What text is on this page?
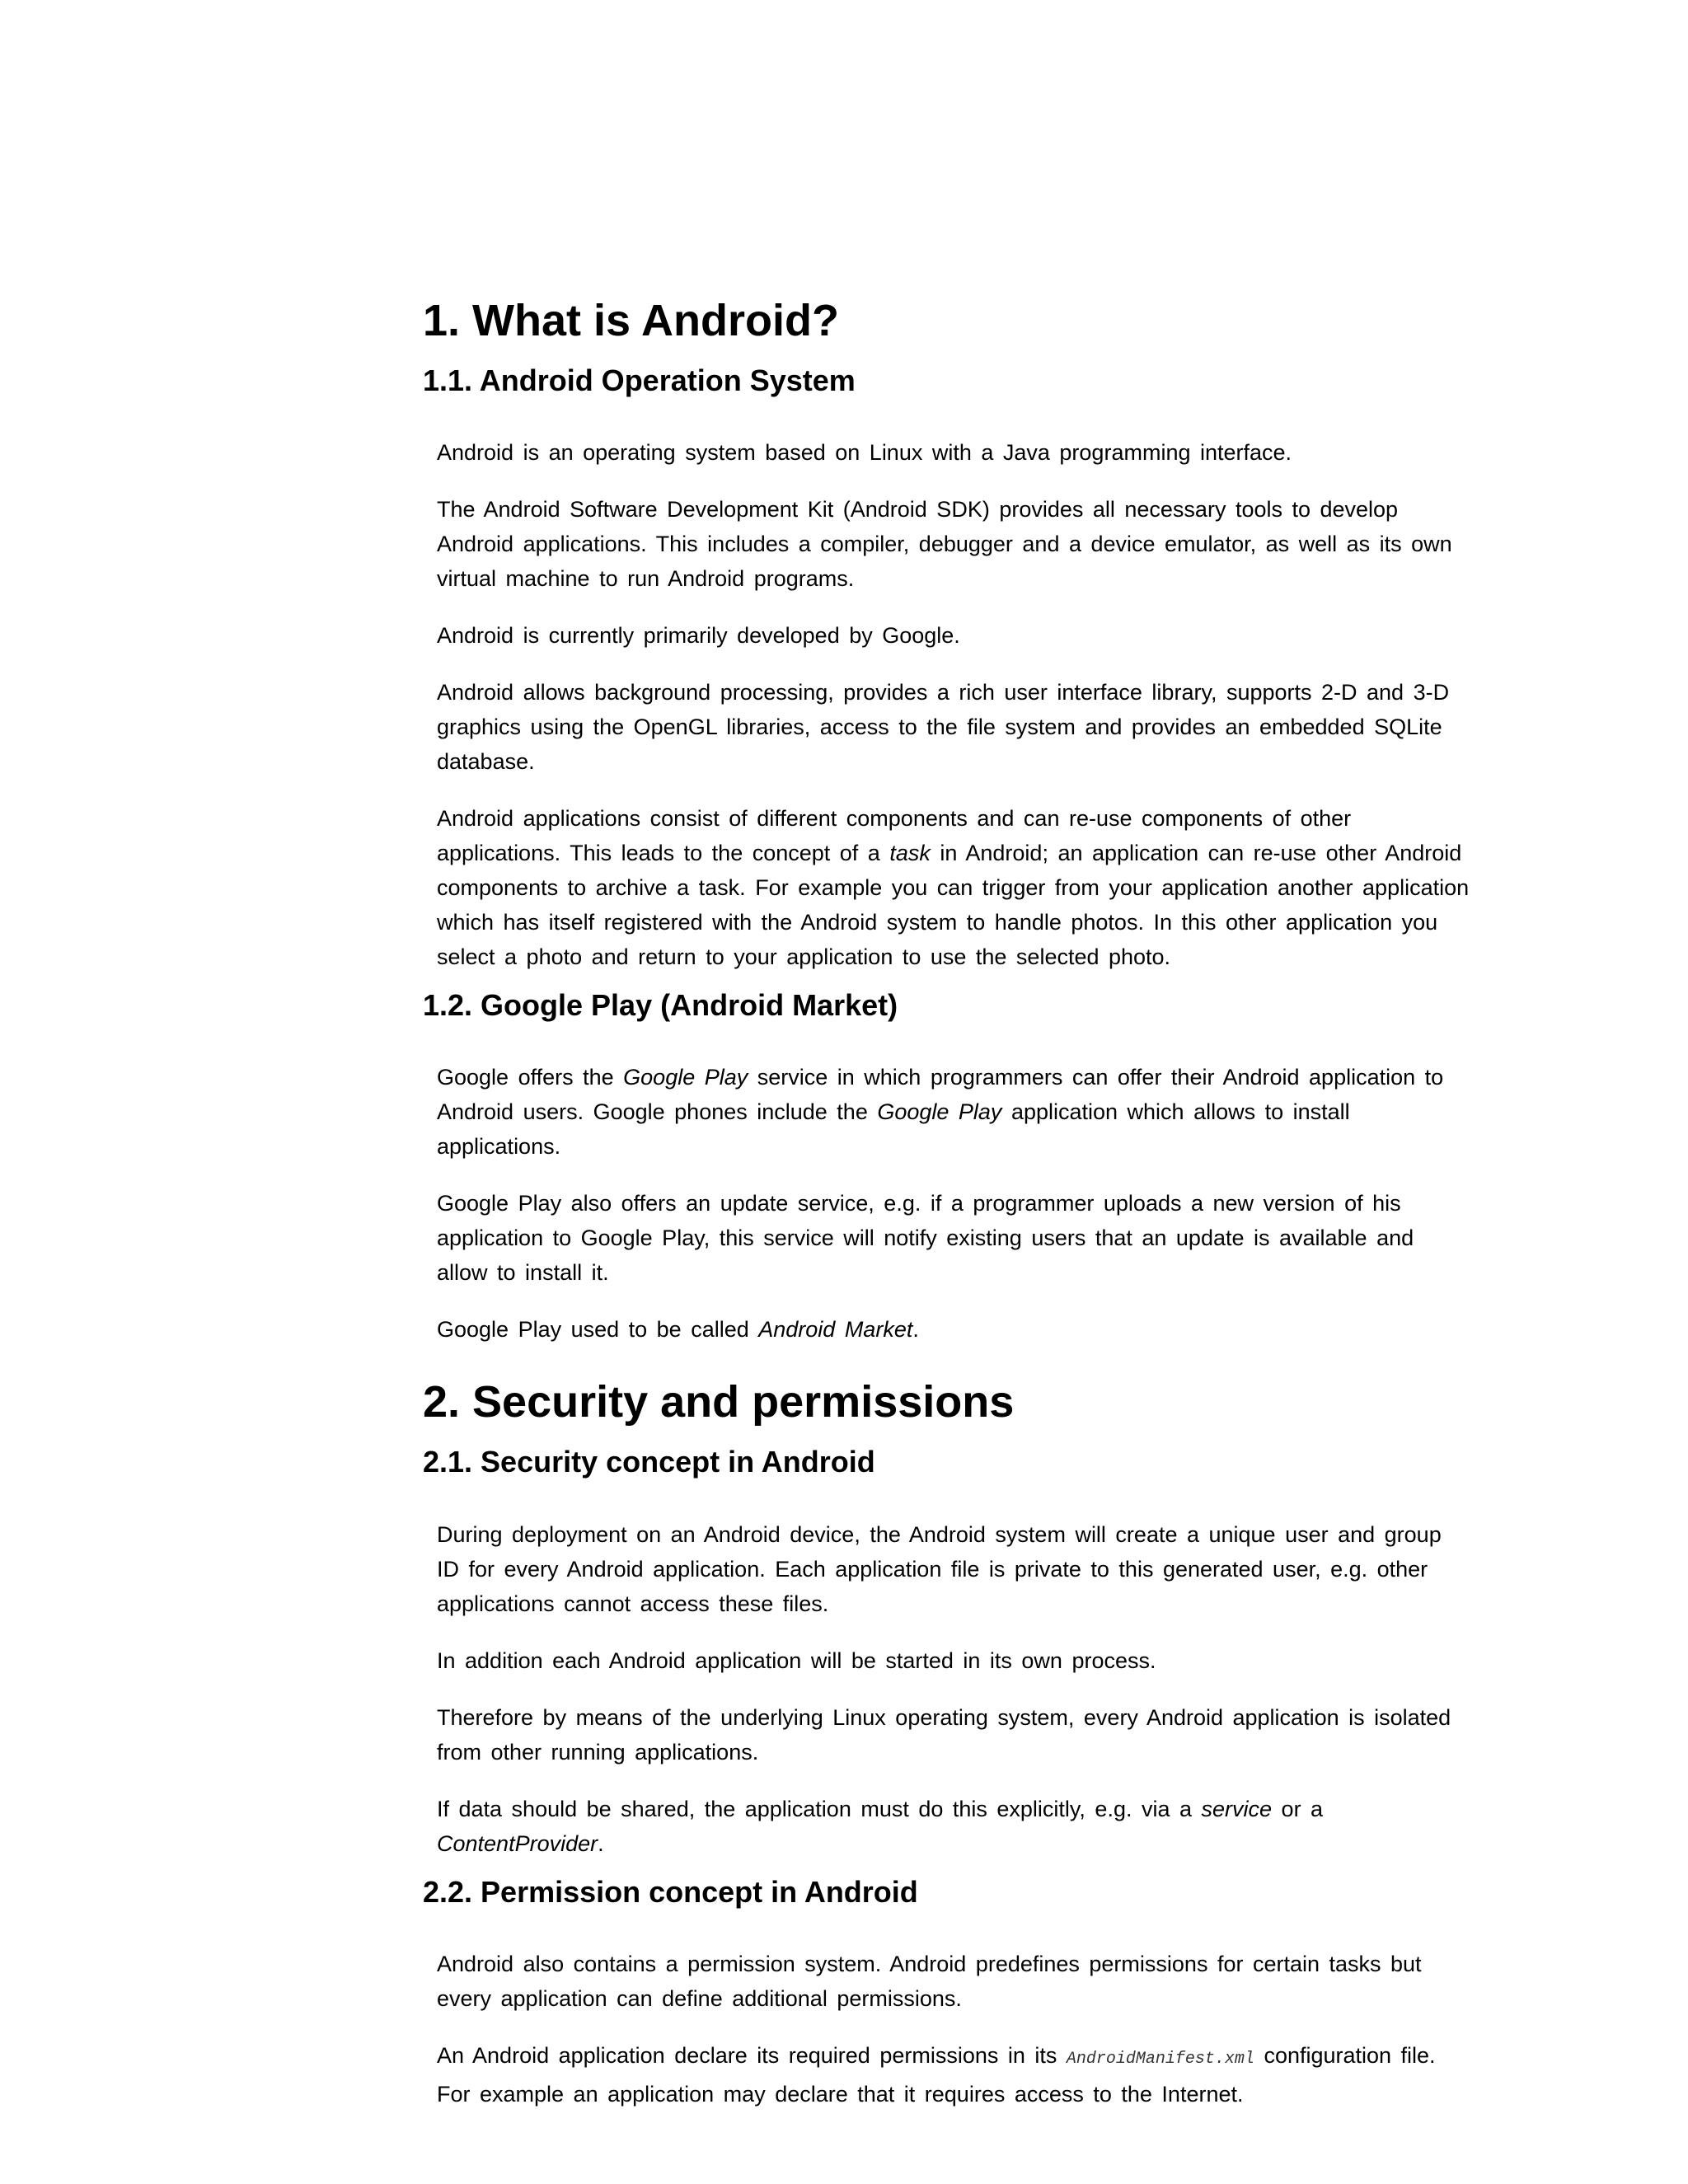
1. What is Android?
1.1. Android Operation System

Android is an operating system based on Linux with a Java programming interface.

The Android Software Development Kit (Android SDK) provides all necessary tools to develop Android applications. This includes a compiler, debugger and a device emulator, as well as its own virtual machine to run Android programs.

Android is currently primarily developed by Google.

Android allows background processing, provides a rich user interface library, supports 2-D and 3-D graphics using the OpenGL libraries, access to the file system and provides an embedded SQLite database.

Android applications consist of different components and can re-use components of other applications. This leads to the concept of a task in Android; an application can re-use other Android components to archive a task. For example you can trigger from your application another application which has itself registered with the Android system to handle photos. In this other application you select a photo and return to your application to use the selected photo.

1.2. Google Play (Android Market)

Google offers the Google Play service in which programmers can offer their Android application to Android users. Google phones include the Google Play application which allows to install applications.

Google Play also offers an update service, e.g. if a programmer uploads a new version of his application to Google Play, this service will notify existing users that an update is available and allow to install it.

Google Play used to be called Android Market.

2. Security and permissions
2.1. Security concept in Android

During deployment on an Android device, the Android system will create a unique user and group ID for every Android application. Each application file is private to this generated user, e.g. other applications cannot access these files.

In addition each Android application will be started in its own process.

Therefore by means of the underlying Linux operating system, every Android application is isolated from other running applications.

If data should be shared, the application must do this explicitly, e.g. via a service or a ContentProvider.

2.2. Permission concept in Android

Android also contains a permission system. Android predefines permissions for certain tasks but every application can define additional permissions.

An Android application declare its required permissions in its AndroidManifest.xml configuration file. For example an application may declare that it requires access to the Internet.
